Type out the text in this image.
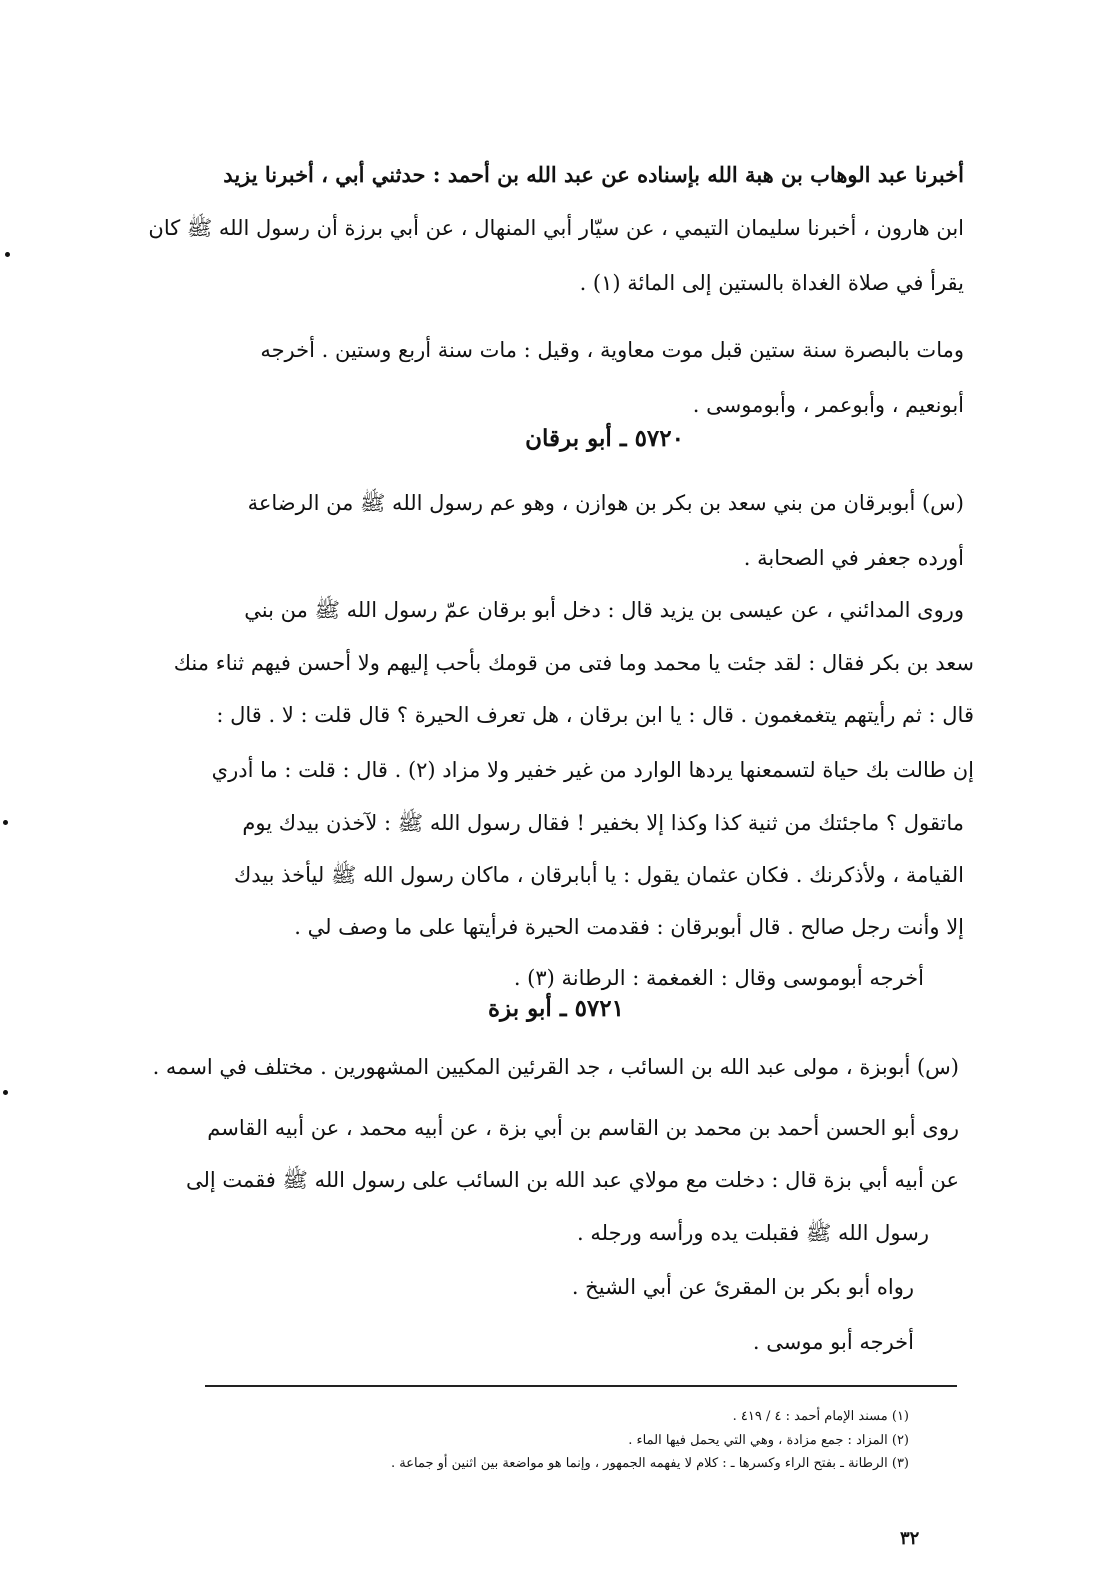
أخبرنا عبد الوهاب بن هبة الله بإسناده عن عبد الله بن أحمد : حدثني أبي ، أخبرنا يزيد
ابن هارون ، أخبرنا سليمان التيمي ، عن سيّار أبي المنهال ، عن أبي برزة أن رسول الله ﷺ كان
يقرأ في صلاة الغداة بالستين إلى المائة (١) .
ومات بالبصرة سنة ستين قبل موت معاوية ، وقيل : مات سنة أربع وستين . أخرجه
أبونعيم ، وأبوعمر ، وأبوموسى .
٥٧٢٠ ـ أبو برقان
(س) أبوبرقان من بني سعد بن بكر بن هوازن ، وهو عم رسول الله ﷺ من الرضاعة
أورده جعفر في الصحابة .
وروى المدائني ، عن عيسى بن يزيد قال : دخل أبو برقان عمّ رسول الله ﷺ من بني
سعد بن بكر فقال : لقد جئت يا محمد وما فتى من قومك بأحب إليهم ولا أحسن فيهم ثناء منك
قال : ثم رأيتهم يتغمغمون . قال : يا ابن برقان ، هل تعرف الحيرة ؟ قال قلت : لا . قال :
إن طالت بك حياة لتسمعنها يردها الوارد من غير خفير ولا مزاد (٢) . قال : قلت : ما أدري
ماتقول ؟ ماجئتك من ثنية كذا وكذا إلا بخفير ! فقال رسول الله ﷺ : لآخذن بيدك يوم
القيامة ، ولأذكرنك . فكان عثمان يقول : يا أبابرقان ، ماكان رسول الله ﷺ ليأخذ بيدك
إلا وأنت رجل صالح . قال أبوبرقان : فقدمت الحيرة فرأيتها على ما وصف لي .
أخرجه أبوموسى وقال : الغمغمة : الرطانة (٣) .
٥٧٢١ ـ أبو بزة
(س) أبوبزة ، مولى عبد الله بن السائب ، جد القرئين المكيين المشهورين . مختلف في اسمه .
روى أبو الحسن أحمد بن محمد بن القاسم بن أبي بزة ، عن أبيه محمد ، عن أبيه القاسم
عن أبيه أبي بزة قال : دخلت مع مولاي عبد الله بن السائب على رسول الله ﷺ فقمت إلى
رسول الله ﷺ فقبلت يده ورأسه ورجله .
رواه أبو بكر بن المقرئ عن أبي الشيخ .
أخرجه أبو موسى .
(١) مسند الإمام أحمد : ٤ / ٤١٩ .
(٢) المزاد : جمع مزادة ، وهي التي يحمل فيها الماء .
(٣) الرطانة ـ بفتح الراء وكسرها ـ : كلام لا يفهمه الجمهور ، وإنما هو مواضعة بين اثنين أو جماعة .
٣٢
